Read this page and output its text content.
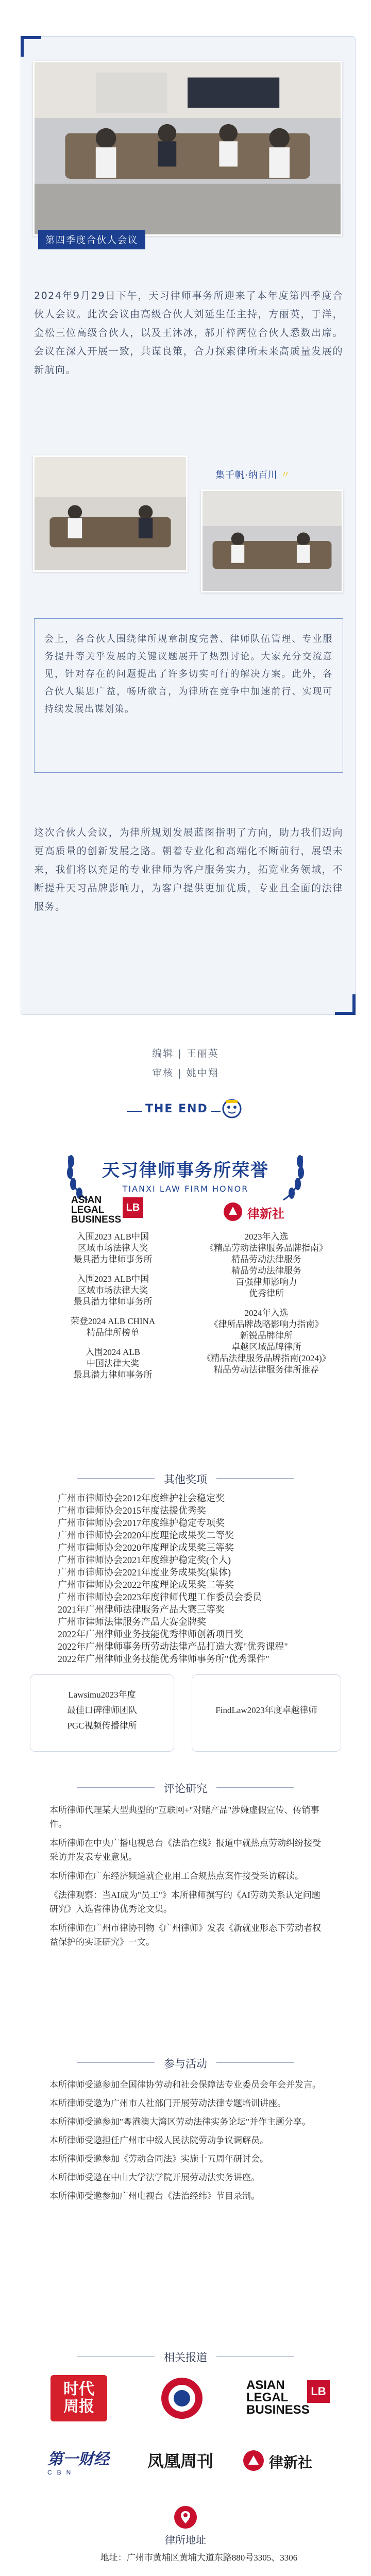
第四季度合伙人会议
2024年9月29日下午，天习律师事务所迎来了本年度第四季度合伙人会议。此次会议由高级合伙人刘延生任主持，方丽英，于洋，金松三位高级合伙人，以及王沐冰，郝开梓两位合伙人悉数出席。会议在深入开展一致，共谋良策，合力探索律所未来高质量发展的新航向。
集千帆·纳百川 〃
会上，各合伙人围绕律所规章制度完善、律师队伍管理、专业服务提升等关乎发展的关键议题展开了热烈讨论。大家充分交流意见，针对存在的问题提出了许多切实可行的解决方案。此外，各合伙人集思广益，畅所欲言，为律所在竞争中加速前行、实现可持续发展出谋划策。
这次合伙人会议，为律所规划发展蓝图指明了方向，助力我们迈向更高质量的创新发展之路。朝着专业化和高端化不断前行，展望未来，我们将以充足的专业律师为客户服务实力，拓宽业务领域，不断提升天习品牌影响力，为客户提供更加优质，专业且全面的法律服务。
编辑 | 王丽英
审核 | 姚中翔
THE END
天习律师事务所荣誉
TIANXI LAW FIRM HONOR
ASIAN
LEGAL
BUSINESS
LB	律新社
入围2023 ALB中国
区域市场法律大奖
最具潜力律师事务所
入围2023 ALB中国
区域市场法律大奖
最具潜力律师事务所
荣登2024 ALB CHINA
精品律所榜单
入围2024 ALB
中国法律大奖
最具潜力律师事务所
2023年入选
《精品劳动法律服务品牌指南》
精品劳动法律服务
精品劳动法律服务
百强律师影响力
优秀律所
2024年入选
《律所品牌战略影响力指南》
新锐品牌律所
卓越区域品牌律所
《精品法律服务品牌指南(2024)》
精品劳动法律服务律所推荐
其他奖项
广州市律师协会2012年度维护社会稳定奖
广州市律师协会2015年度法援优秀奖
广州市律师协会2017年度维护稳定专项奖
广州市律师协会2020年度理论成果奖二等奖
广州市律师协会2020年度理论成果奖三等奖
广州市律师协会2021年度维护稳定奖(个人)
广州市律师协会2021年度业务成果奖(集体)
广州市律师协会2022年度理论成果奖二等奖
广州市律师协会2023年度律师代理工作委员会委员
2021年广州律师法律服务产品大赛三等奖
广州市律师法律服务产品大赛金牌奖
2022年广州律师业务技能优秀律师创新项目奖
2022年广州律师事务所劳动法律产品打造大赛"优秀课程"
2022年广州律师业务技能优秀律师事务所"优秀课件"
Lawsimu2023年度
最佳口碑律师团队
PGC视频传播律所
FindLaw2023年度卓越律师
评论研究

本所律师代理某大型典型的"互联网+"对赌产品"涉嫌虚假宣传、传销事件。

本所律师在中央广播电视总台《法治在线》报道中就热点劳动纠纷接受采访并发表专业意见。

本所律师在广东经济频道就企业用工合规热点案件接受采访解读。

《法律观察：当AI成为"员工"》本所律师撰写的《AI劳动关系认定问题研究》入选省律协优秀论文集。

本所律师在广州市律协刊物《广州律师》发表《新就业形态下劳动者权益保护的实证研究》一文。

参与活动

本所律师受邀参加全国律协劳动和社会保障法专业委员会年会并发言。

本所律师受邀为广州市人社部门开展劳动法律专题培训讲座。

本所律师受邀参加"粤港澳大湾区劳动法律实务论坛"并作主题分享。

本所律师受邀担任广州市中级人民法院劳动争议调解员。

本所律师受邀参加《劳动合同法》实施十五周年研讨会。

本所律师受邀在中山大学法学院开展劳动法实务讲座。

本所律师受邀参加广州电视台《法治经纬》节目录制。

相关报道
时代
周报
ASIAN
LEGAL
BUSINESS
LB
第一财经
CBN
凤凰周刊	律新社
律所地址
地址：广州市黄埔区黄埔大道东路880号3305、3306
